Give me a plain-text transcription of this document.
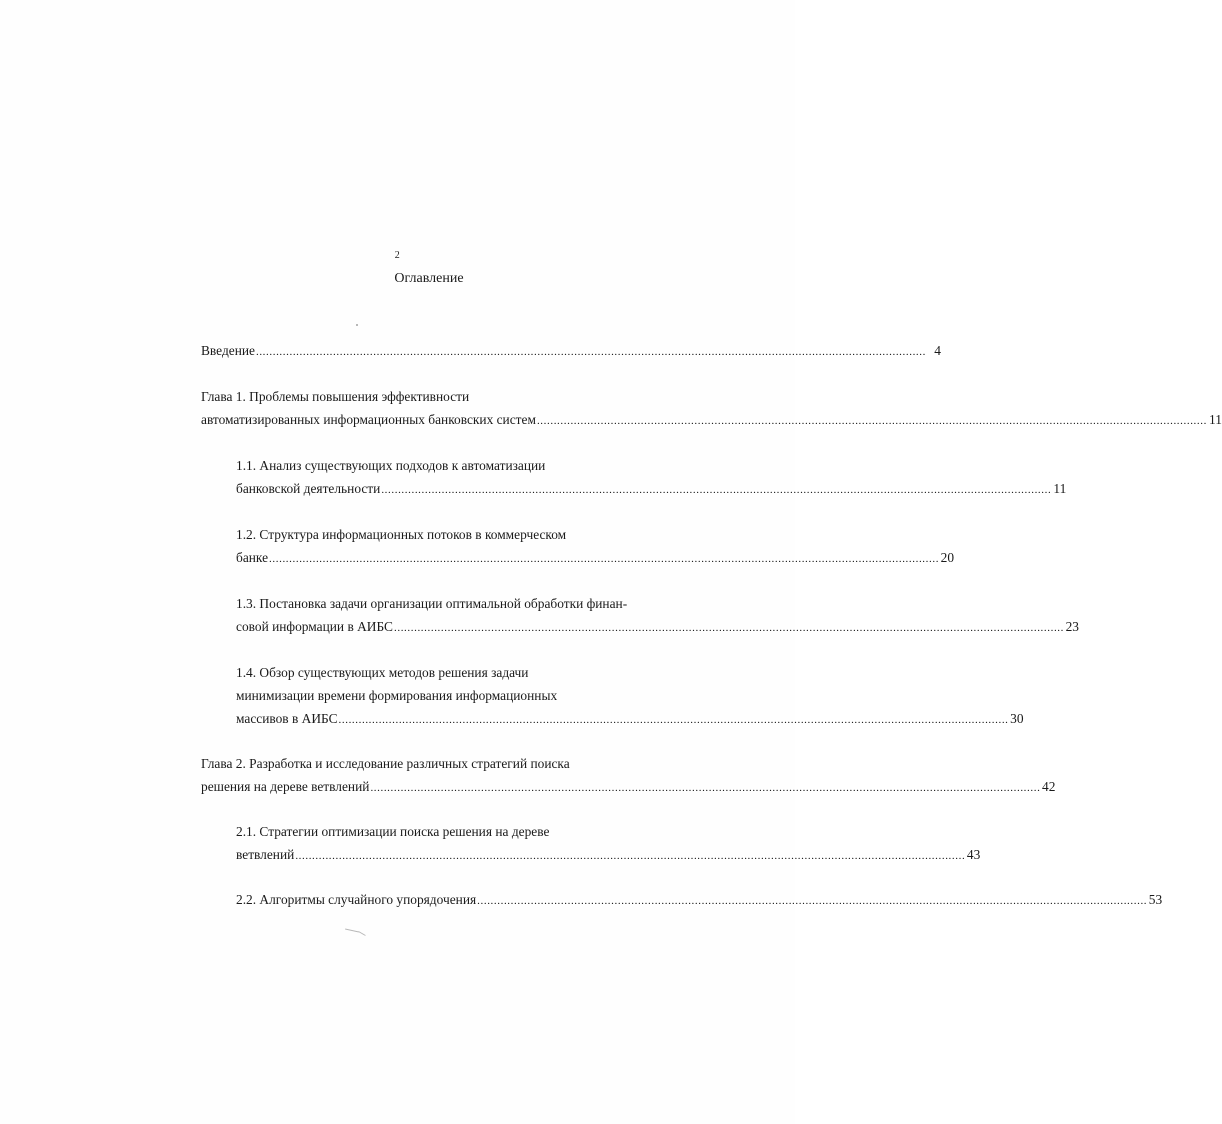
2
Оглавление
Введение ........................................................................................................................................................................................................ 4
Глава 1. Проблемы повышения эффективности
автоматизированных информационных банковских систем ........................................................................................................................................................................................................ 11
1.1. Анализ существующих подходов к автоматизации
банковской деятельности ........................................................................................................................................................................................................ 11
1.2. Структура информационных потоков в коммерческом
банке ........................................................................................................................................................................................................ 20
1.3. Постановка задачи организации оптимальной обработки финан-
совой информации в АИБС ........................................................................................................................................................................................................ 23
1.4. Обзор существующих методов решения задачи
минимизации времени формирования информационных
массивов в АИБС ........................................................................................................................................................................................................ 30
Глава 2. Разработка и исследование различных стратегий поиска
решения на дереве ветвлений ........................................................................................................................................................................................................ 42
2.1. Стратегии оптимизации поиска решения на дереве
ветвлений ........................................................................................................................................................................................................ 43
2.2. Алгоритмы случайного упорядочения ........................................................................................................................................................................................................ 53
